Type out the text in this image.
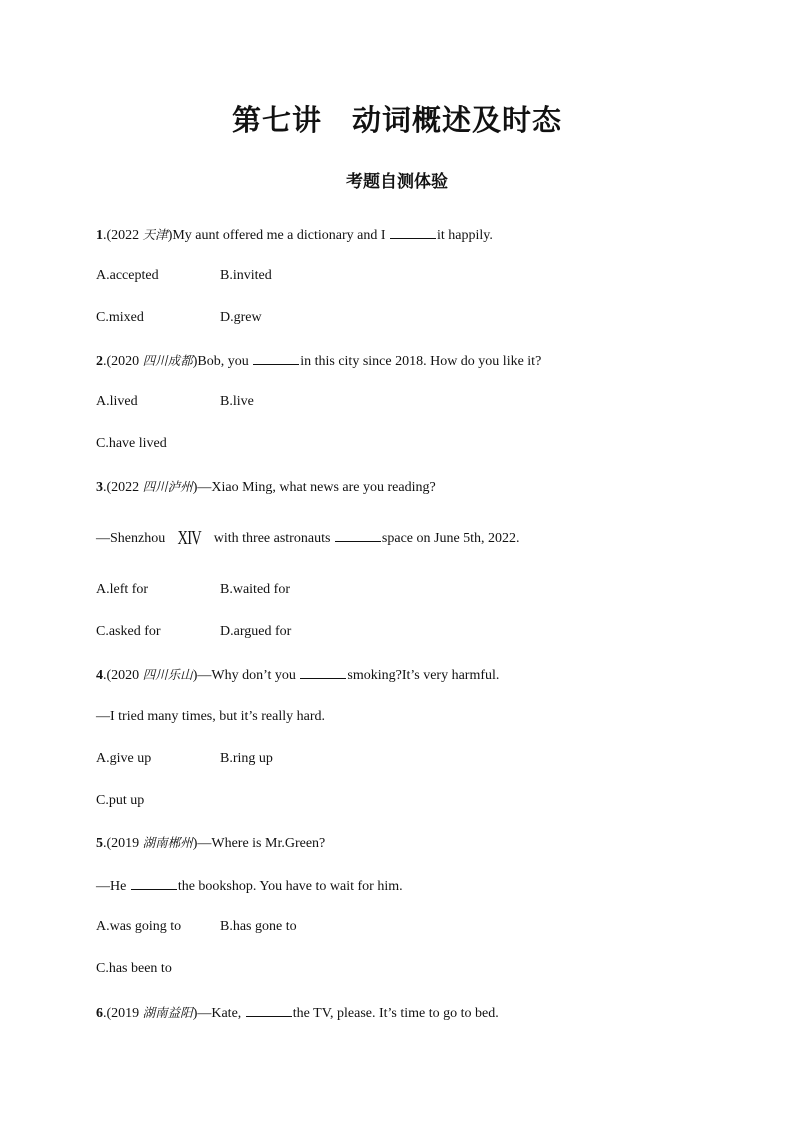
第七讲 动词概述及时态
考题自测体验
1.(2022 天津)My aunt offered me a dictionary and I	it happily.
A.accepted	B.invited
C.mixed	D.grew
2.(2020 四川成都)Bob, you	in this city since 2018. How do you like it?
A.lived	B.live
C.have lived
3.(2022 四川泸州)—Xiao Ming, what news are you reading?
—Shenzhou XIV with three astronauts	space on June 5th, 2022.
A.left for	B.waited for
C.asked for	D.argued for
4.(2020 四川乐山)—Why don’t you	smoking?It’s very harmful.
—I tried many times, but it’s really hard.
A.give up	B.ring up
C.put up
5.(2019 湖南郴州)—Where is Mr.Green?
—He	the bookshop. You have to wait for him.
A.was going to	B.has gone to
C.has been to
6.(2019 湖南益阳)—Kate,	the TV, please. It’s time to go to bed.
